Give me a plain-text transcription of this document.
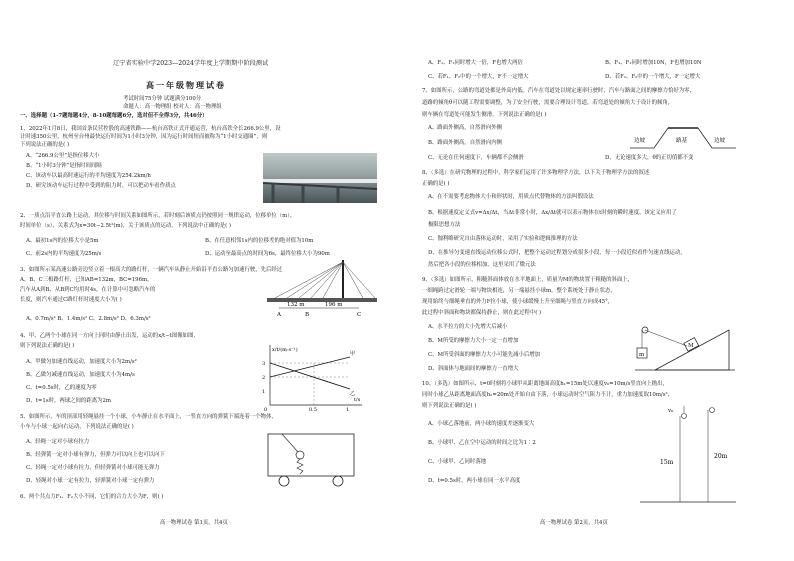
辽宁省实验中学2023—2024学年度上学期期中阶段测试
高一年级物理试卷
考试时间75分钟 试题满分100分
命题人：高一物理组 校对人：高一物理组
一、选择题（1-7题每题4分，8-10题每题6分，选对但不全得3分，共46分）
1、2022年1月8日，我国首条民营控股的高速铁路——杭台高铁正式开通运营，杭台高铁全长266.9公里，设
计时速350公里，杭州至台州最快运行时间为1小时3分钟，因为运行时间短而被称为“1小时交通圈”，则
下列说法正确的是( )
A、“266.9公里”是指位移大小
B、“1小时3分钟”是指时间间隔
C、该动车以最高时速运行的平均速度为254.2km/h
D、研究该动车运行过程中受到的阻力时，可以把动车看作质点
2、一质点沿平直公路上运动，其位移与时间关系如图所示，若时刻后该质点仍按照同一规律运动，位移单位（m），
时间单位（s），关系式为x=30t−2.5t²(m)，关于该质点的运动，下列说法中正确的是( )
A、最初1s内的位移大小是5m	B、在任意相邻1s内的位移差的绝对值为10m
C、前2s内的平均速度为25m/s	D、运动至最高点的时间为6s，最终位移大小为90m
3、如图所示某高速公路旁边竖立着一根高大的路灯杆，一辆汽车从静止开始沿平直公路匀加速行驶，先后经过
A、B、C三根路灯杆，已知AB=132m，BC=196m，
汽车从A到B、从B到C均用时4s，在计算中可忽略汽车的
长度，则汽车通过C路灯杆时速度大小为( )
A、0.7m/s² B、1.4m/s² C、2.8m/s² D、6.3m/s²
132 m	196 m
A	B	C
4、甲、乙两个小球在同一方向上同时由静止出发，运动的x/t−t图像如图，
则下列说法正确的是( )
A、甲做匀加速直线运动，加速度大小为2m/s²
B、乙做匀减速直线运动，加速度大小为4m/s
C、t=0.5s时，乙的速度为零
D、t=1s时，两球之间的距离为2m
x/t/(m·s⁻¹)
3
2
1
0	0.5	1
t/s
甲
乙
5、如图所示，车的顶部用轻绳悬挂一个小球，小车静止在水平面上，一竖直方向的弹簧下端连着一个物体，
小车与小球一起向右运动，下列说法正确的是( )
A、轻绳一定对小球有拉力
B、轻弹簧一定对小球有弹力，但弹力可以向上也可以向下
C、轻绳一定对小球有拉力，但轻弹簧对小球可能无弹力
D、轻绳对小球一定有拉力，轻弹簧对小球一定有弹力
6、两个共点力F₁、F₂大小不同，它们的合力大小为F，则( )
高一物理试卷 第1页，共4页
A、F₁、F₂同时增大一倍，F也增大两倍	B、F₁、F₂同时增加10N，F也增加10N
C、若F₁、F₂中的一个增大，F不一定增大	D、若F₁、F₂中的一个增大，F一定增大
7、如图所示，公路的弯道处都是外高内低。汽车在弯道处以规定速率行驶时，汽车与路面之间的摩擦力恰好为零，
道路的倾角θ可以随工程需要调整，为了安全行驶，需要合理设计弯道，若弯道处的倾角大于设计的倾角，
则车辆在弯道处可能发生侧滑，下列说法正确的是( )
A、路面外侧高，自然滑向外侧
B、路面外侧高，自然滑向内侧
C、无论在任何速度下，车辆都不会侧滑	D、无论速度多大，θ的正切值都不变
边坡	边坡
路基
8、（多选）在研究物理的过程中，科学家们运用了许多物理学方法，以下关于物理学方法的叙述
正确的是( )
A、在不需要考虑物体大小和形状时，用质点代替物体的方法叫假设法
B、根据速度定义式v=Δx/Δt，当Δt非常小时，Δx/Δt就可以表示物体在t时刻的瞬时速度，该定义应用了
极限思想方法
C、伽利略研究自由落体运动时，采用了实验和逻辑推理的方法
D、在推导匀变速直线运动位移公式时，把整个运动过程划分成很多小段，每一小段近似看作匀速直线运动，
然后把各小段的位移相加，这里采用了微元法
9、（多选）如图所示，粗糙斜面体放在水平地面上，质量为M的物块置于粗糙的斜面上，
一细绳跨过定滑轮一端与物块相连，另一端悬挂小球m，整个系统处于静止状态，
现用始终与细绳垂直的外力F拉小球，使小球缓慢上升至细绳与竖直方向成45°，
此过程中斜面和物块都保持静止，则在此过程中( )
A、水平拉力的大小先增大后减小
B、M所受的摩擦力大小一定一直增加
C、M所受斜面的摩擦力大小可能先减小后增加
D、斜面体与地面间的摩擦力一直增大
m
M
10、（多选）如图所示，t=0时刻将小球甲从距离地面高度h₁=15m处以速度v₀=10m/s竖直向上抛出，
同时小球乙从距离地面高度h₂=20m处开始自由下落，小球运动时空气阻力不计，重力加速度取10m/s²，
则下列说法正确的是( )
A、小球乙落地前，两小球的速度差逐渐变大
B、小球甲、乙在空中运动的时间之比为1∶2
C、小球甲、乙同时落地
D、t=0.5s时，两小球在同一水平高度
v₀
15m
20m
高一物理试卷 第2页，共4页
